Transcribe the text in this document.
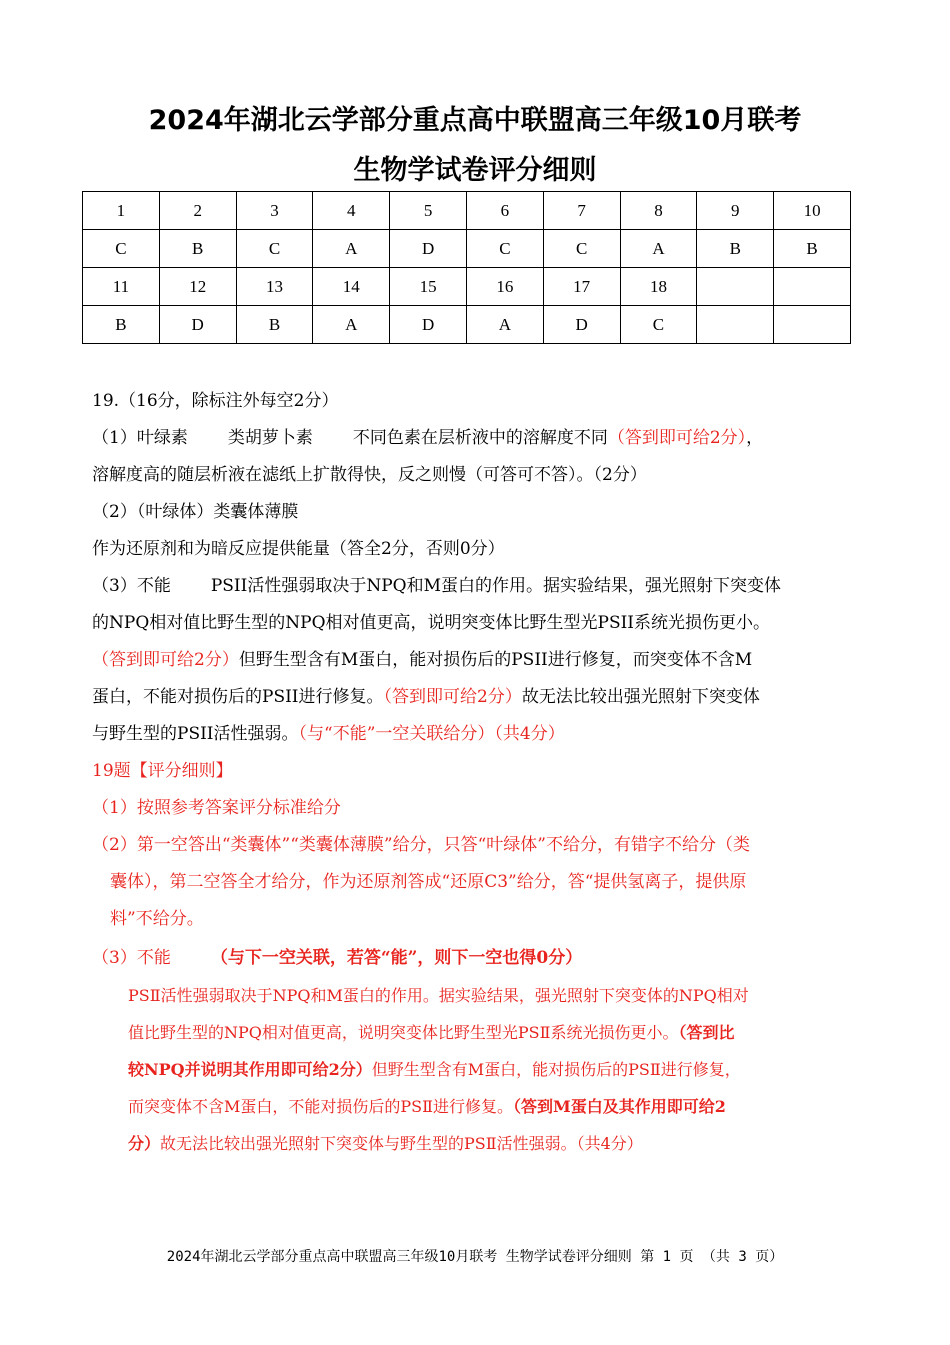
2024年湖北云学部分重点高中联盟高三年级10月联考
生物学试卷评分细则
1	2	3	4	5	6	7	8	9	10
C	B	C	A	D	C	C	A	B	B
11	12	13	14	15	16	17	18		
B	D	B	A	D	A	D	C		
19.（16分，除标注外每空2分）
（1）叶绿素 类胡萝卜素 不同色素在层析液中的溶解度不同（答到即可给2分），
溶解度高的随层析液在滤纸上扩散得快，反之则慢（可答可不答）。（2分）
（2）（叶绿体）类囊体薄膜
作为还原剂和为暗反应提供能量（答全2分，否则0分）
（3）不能 PSII活性强弱取决于NPQ和M蛋白的作用。据实验结果，强光照射下突变体
的NPQ相对值比野生型的NPQ相对值更高，说明突变体比野生型光PSII系统光损伤更小。
（答到即可给2分）但野生型含有M蛋白，能对损伤后的PSII进行修复，而突变体不含M
蛋白，不能对损伤后的PSII进行修复。（答到即可给2分）故无法比较出强光照射下突变体
与野生型的PSII活性强弱。（与“不能”一空关联给分）（共4分）
19题【评分细则】
（1）按照参考答案评分标准给分
（2）第一空答出“类囊体”“类囊体薄膜”给分，只答“叶绿体”不给分，有错字不给分（类
囊体），第二空答全才给分，作为还原剂答成“还原C3”给分，答“提供氢离子，提供原
料”不给分。
（3）不能 （与下一空关联，若答“能”，则下一空也得0分）
PSⅡ活性强弱取决于NPQ和M蛋白的作用。据实验结果，强光照射下突变体的NPQ相对
值比野生型的NPQ相对值更高，说明突变体比野生型光PSⅡ系统光损伤更小。（答到比
较NPQ并说明其作用即可给2分）但野生型含有M蛋白，能对损伤后的PSⅡ进行修复，
而突变体不含M蛋白，不能对损伤后的PSⅡ进行修复。（答到M蛋白及其作用即可给2
分）故无法比较出强光照射下突变体与野生型的PSⅡ活性强弱。（共4分）
2024年湖北云学部分重点高中联盟高三年级10月联考 生物学试卷评分细则 第 1 页 （共 3 页）
